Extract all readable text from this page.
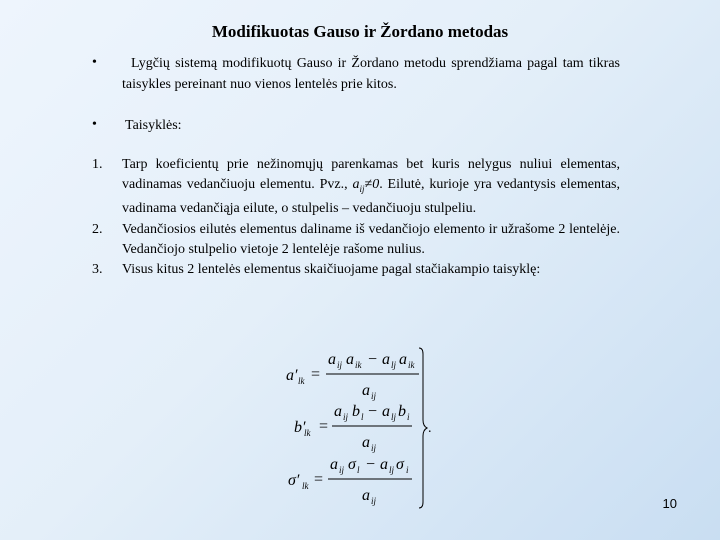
Modifikuotas Gauso ir Žordano metodas
•	Lygčių sistemą modifikuotų Gauso ir Žordano metodu sprendžiama pagal tam tikras taisykles pereinant nuo vienos lentelės prie kitos.
• Taisyklės:
1. Tarp koeficientų prie nežinomųjų parenkamas bet kuris nelygus nuliui elementas, vadinamas vedančiuoju elementu. Pvz., $a_{ij}\ne 0$. Eilutė, kurioje yra vedantysis elementas, vadinama vedančiąja eilute, o stulpelis – vedančiuoju stulpeliu.
2. Vedančiosios eilutės elementus daliname iš vedančiojo elemento ir užrašome 2 lentelėje. Vedančiojo stulpelio vietoje 2 lentelėje rašome nulius.
3. Visus kitus 2 lentelės elementus skaičiuojame pagal stačiakampio taisyklę:
a′ lk =
a ij a ik − a lj a ik
a ij
b′
lk =
a ij b l − a lj b i
a ij
σ′ lk =
a ij σ l − a lj σ i
a ij
.
10
